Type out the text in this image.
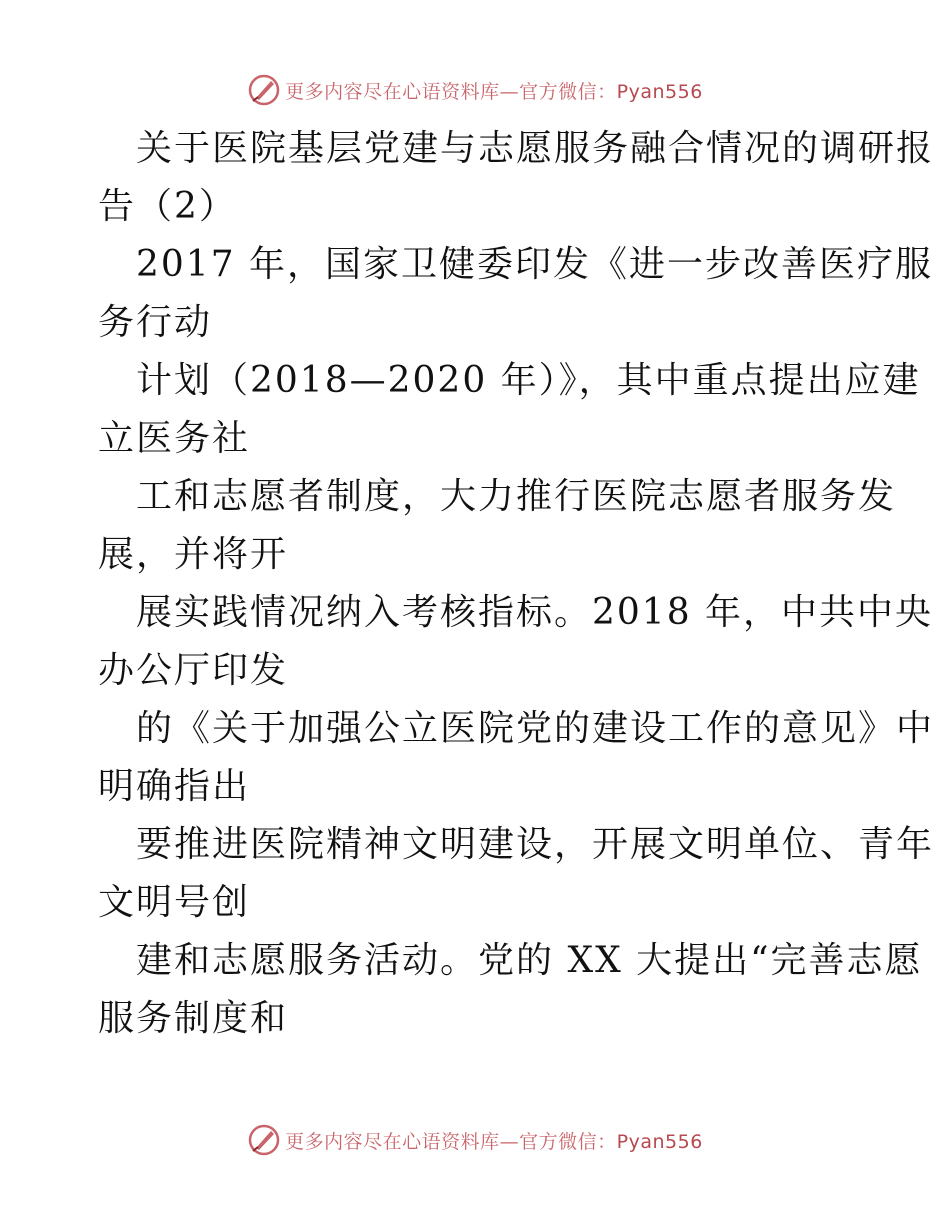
更多内容尽在心语资料库—官方微信：Pyan556
关于医院基层党建与志愿服务融合情况的调研报
告（2）
2017 年，国家卫健委印发《进一步改善医疗服
务行动
计划（2018—2020 年）》，其中重点提出应建
立医务社
工和志愿者制度，大力推行医院志愿者服务发
展，并将开
展实践情况纳入考核指标。2018 年，中共中央
办公厅印发
的《关于加强公立医院党的建设工作的意见》中
明确指出
要推进医院精神文明建设，开展文明单位、青年
文明号创
建和志愿服务活动。党的 XX 大提出“完善志愿
服务制度和
更多内容尽在心语资料库—官方微信：Pyan556
